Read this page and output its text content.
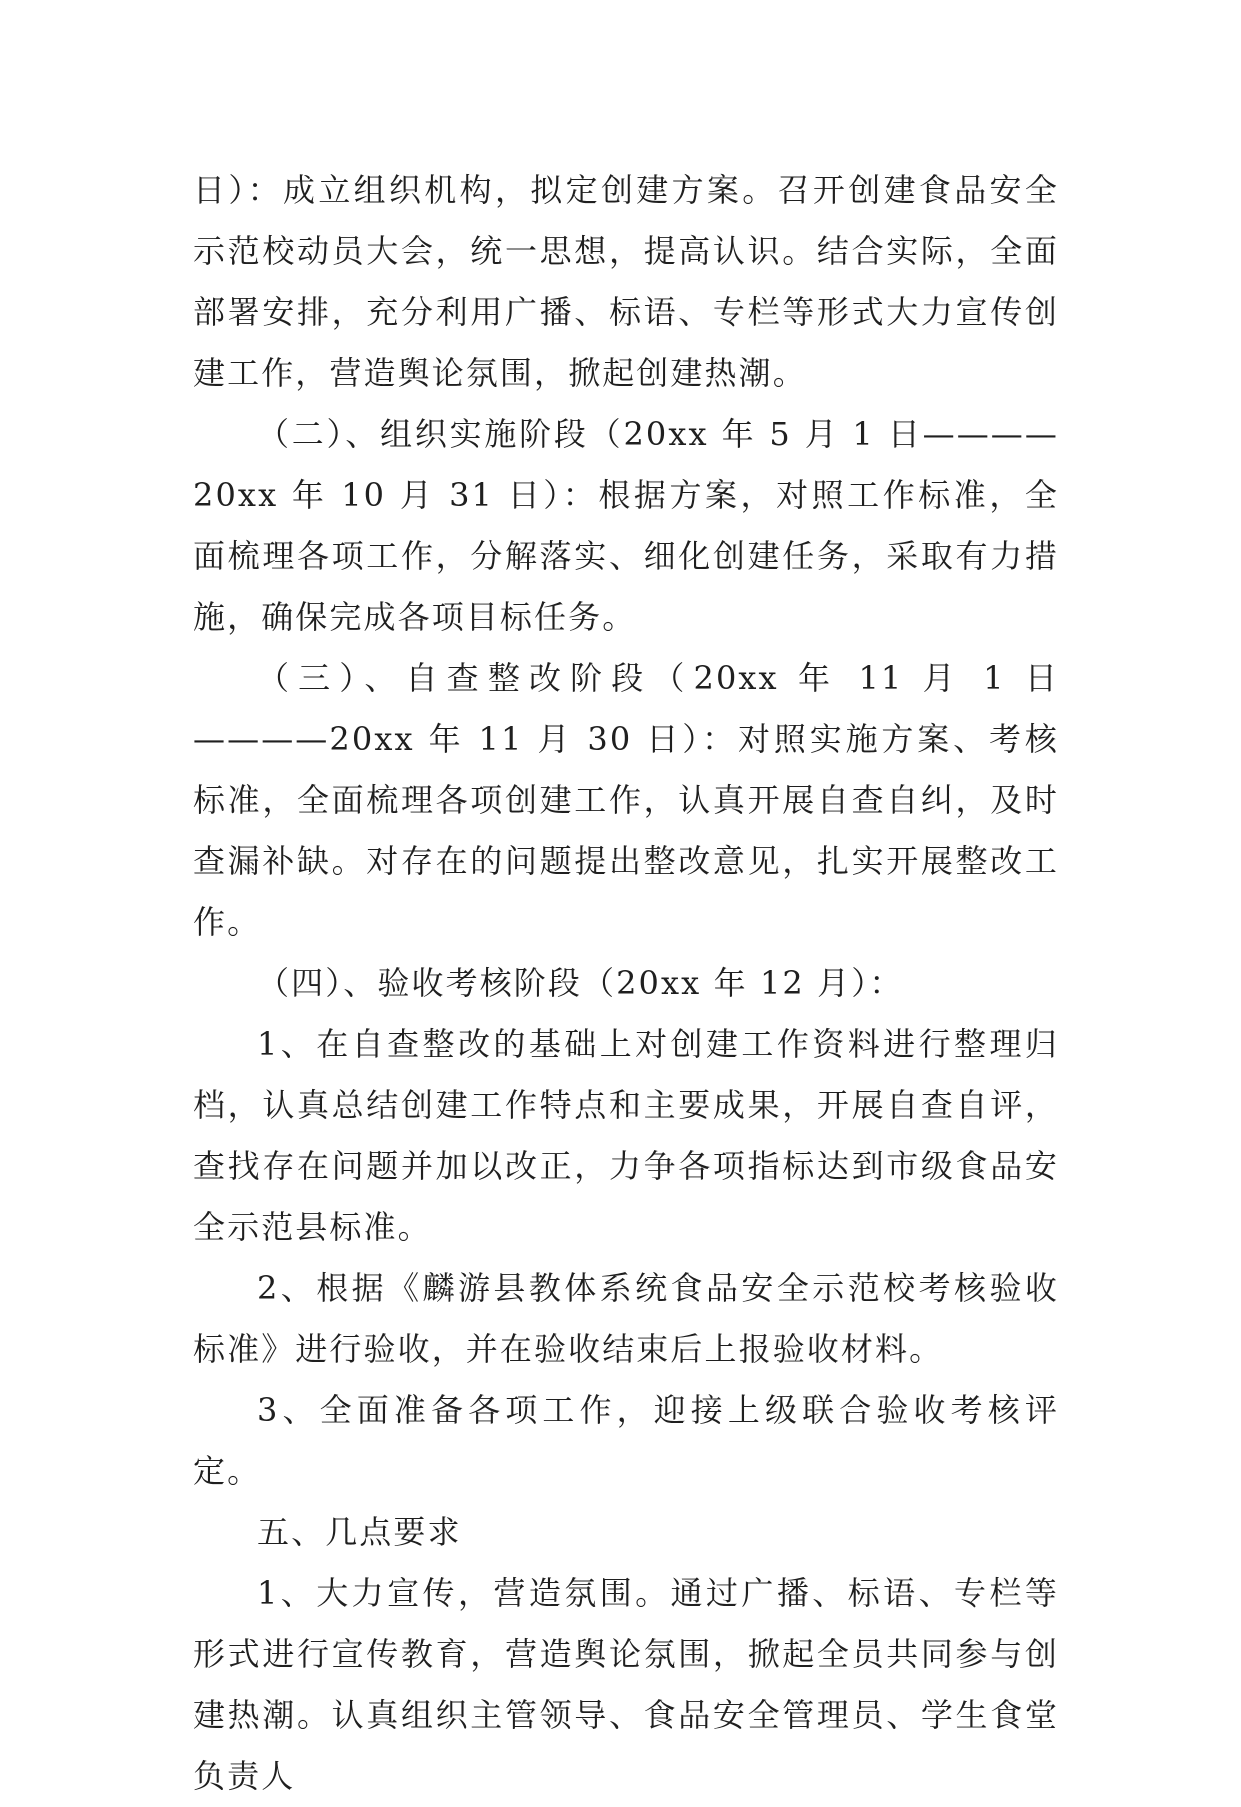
日）：成立组织机构，拟定创建方案。召开创建食品安全示范校动员大会，统一思想，提高认识。结合实际，全面部署安排，充分利用广播、标语、专栏等形式大力宣传创建工作，营造舆论氛围，掀起创建热潮。

（二）、组织实施阶段（20xx 年 5 月 1 日————20xx 年 10 月 31 日）：根据方案，对照工作标准，全面梳理各项工作，分解落实、细化创建任务，采取有力措施，确保完成各项目标任务。

（三）、自查整改阶段（20xx 年 11 月 1 日————20xx 年 11 月 30 日）：对照实施方案、考核标准，全面梳理各项创建工作，认真开展自查自纠，及时查漏补缺。对存在的问题提出整改意见，扎实开展整改工作。

（四）、验收考核阶段（20xx 年 12 月）：

1、在自查整改的基础上对创建工作资料进行整理归档，认真总结创建工作特点和主要成果，开展自查自评，查找存在问题并加以改正，力争各项指标达到市级食品安全示范县标准。

2、根据《麟游县教体系统食品安全示范校考核验收标准》进行验收，并在验收结束后上报验收材料。

3、全面准备各项工作，迎接上级联合验收考核评定。

五、几点要求

1、大力宣传，营造氛围。通过广播、标语、专栏等形式进行宣传教育，营造舆论氛围，掀起全员共同参与创建热潮。认真组织主管领导、食品安全管理员、学生食堂负责人
